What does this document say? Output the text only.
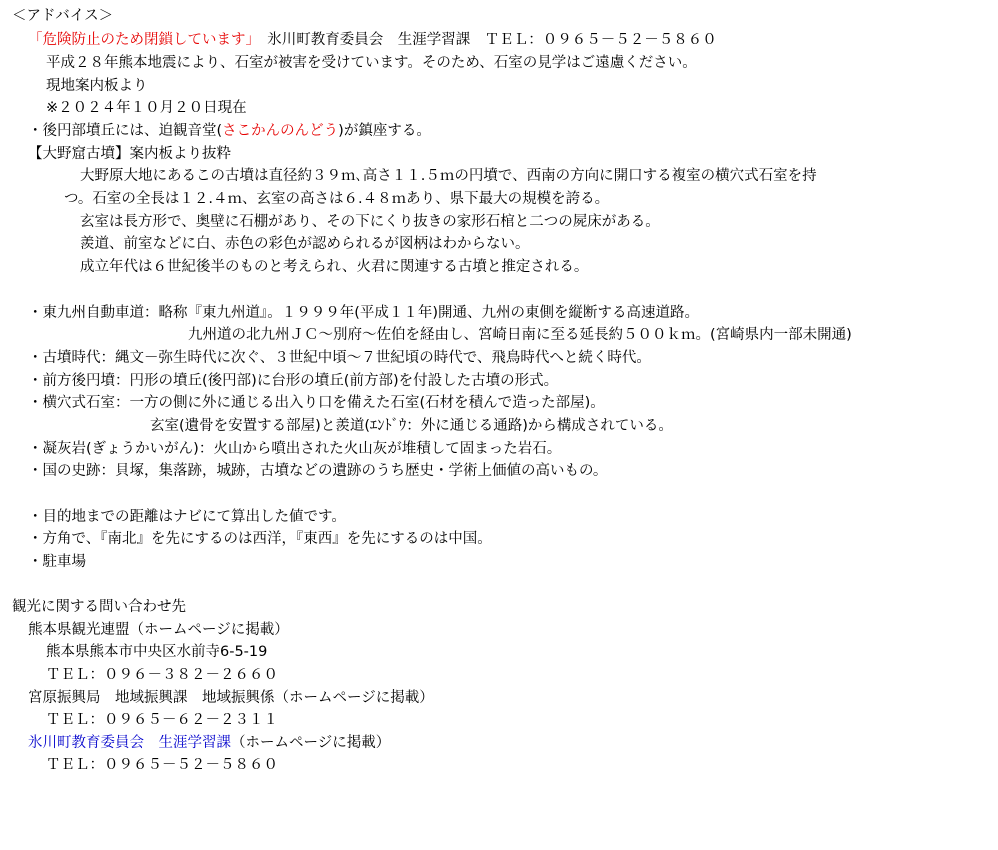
＜アドバイス＞
「危険防止のため閉鎖しています」　氷川町教育委員会　生涯学習課　ＴＥＬ：０９６５－５２－５８６０
平成２８年熊本地震により、石室が被害を受けています。そのため、石室の見学はご遠慮ください。
現地案内板より
※２０２４年１０月２０日現在
・後円部墳丘には、迫観音堂(さこかんのんどう)が鎮座する。
【大野窟古墳】案内板より抜粋
大野原大地にあるこの古墳は直径約３９ｍ､高さ１１.５ｍの円墳で、西南の方向に開口する複室の横穴式石室を持
つ。石室の全長は１２.４ｍ、玄室の高さは６.４８ｍあり、県下最大の規模を誇る。
玄室は長方形で、奥壁に石棚があり、その下にくり抜きの家形石棺と二つの屍床がある。
羨道、前室などに白、赤色の彩色が認められるが図柄はわからない。
成立年代は６世紀後半のものと考えられ、火君に関連する古墳と推定される。
・東九州自動車道：略称『東九州道』。１９９９年(平成１１年)開通、九州の東側を縦断する高速道路。
九州道の北九州ＪＣ～別府～佐伯を経由し、宮崎日南に至る延長約５００ｋｍ。(宮崎県内一部未開通)
・古墳時代：縄文－弥生時代に次ぐ、３世紀中頃～７世紀頃の時代で、飛鳥時代へと続く時代。
・前方後円墳：円形の墳丘(後円部)に台形の墳丘(前方部)を付設した古墳の形式。
・横穴式石室：一方の側に外に通じる出入り口を備えた石室(石材を積んで造った部屋)。
玄室(遺骨を安置する部屋)と羨道(ｴﾝﾄﾞｳ：外に通じる通路)から構成されている。
・凝灰岩(ぎょうかいがん)：火山から噴出された火山灰が堆積して固まった岩石。
・国の史跡：貝塚，集落跡，城跡，古墳などの遺跡のうち歴史・学術上価値の高いもの。
・目的地までの距離はナビにて算出した値です。
・方角で、『南北』を先にするのは西洋，『東西』を先にするのは中国。
・駐車場
観光に関する問い合わせ先
熊本県観光連盟（ホームページに掲載）
熊本県熊本市中央区水前寺6-5-19
ＴＥＬ：０９６－３８２－２６６０
宮原振興局　地域振興課　地域振興係（ホームページに掲載）
ＴＥＬ：０９６５－６２－２３１１
氷川町教育委員会　生涯学習課（ホームページに掲載）
ＴＥＬ：０９６５－５２－５８６０
